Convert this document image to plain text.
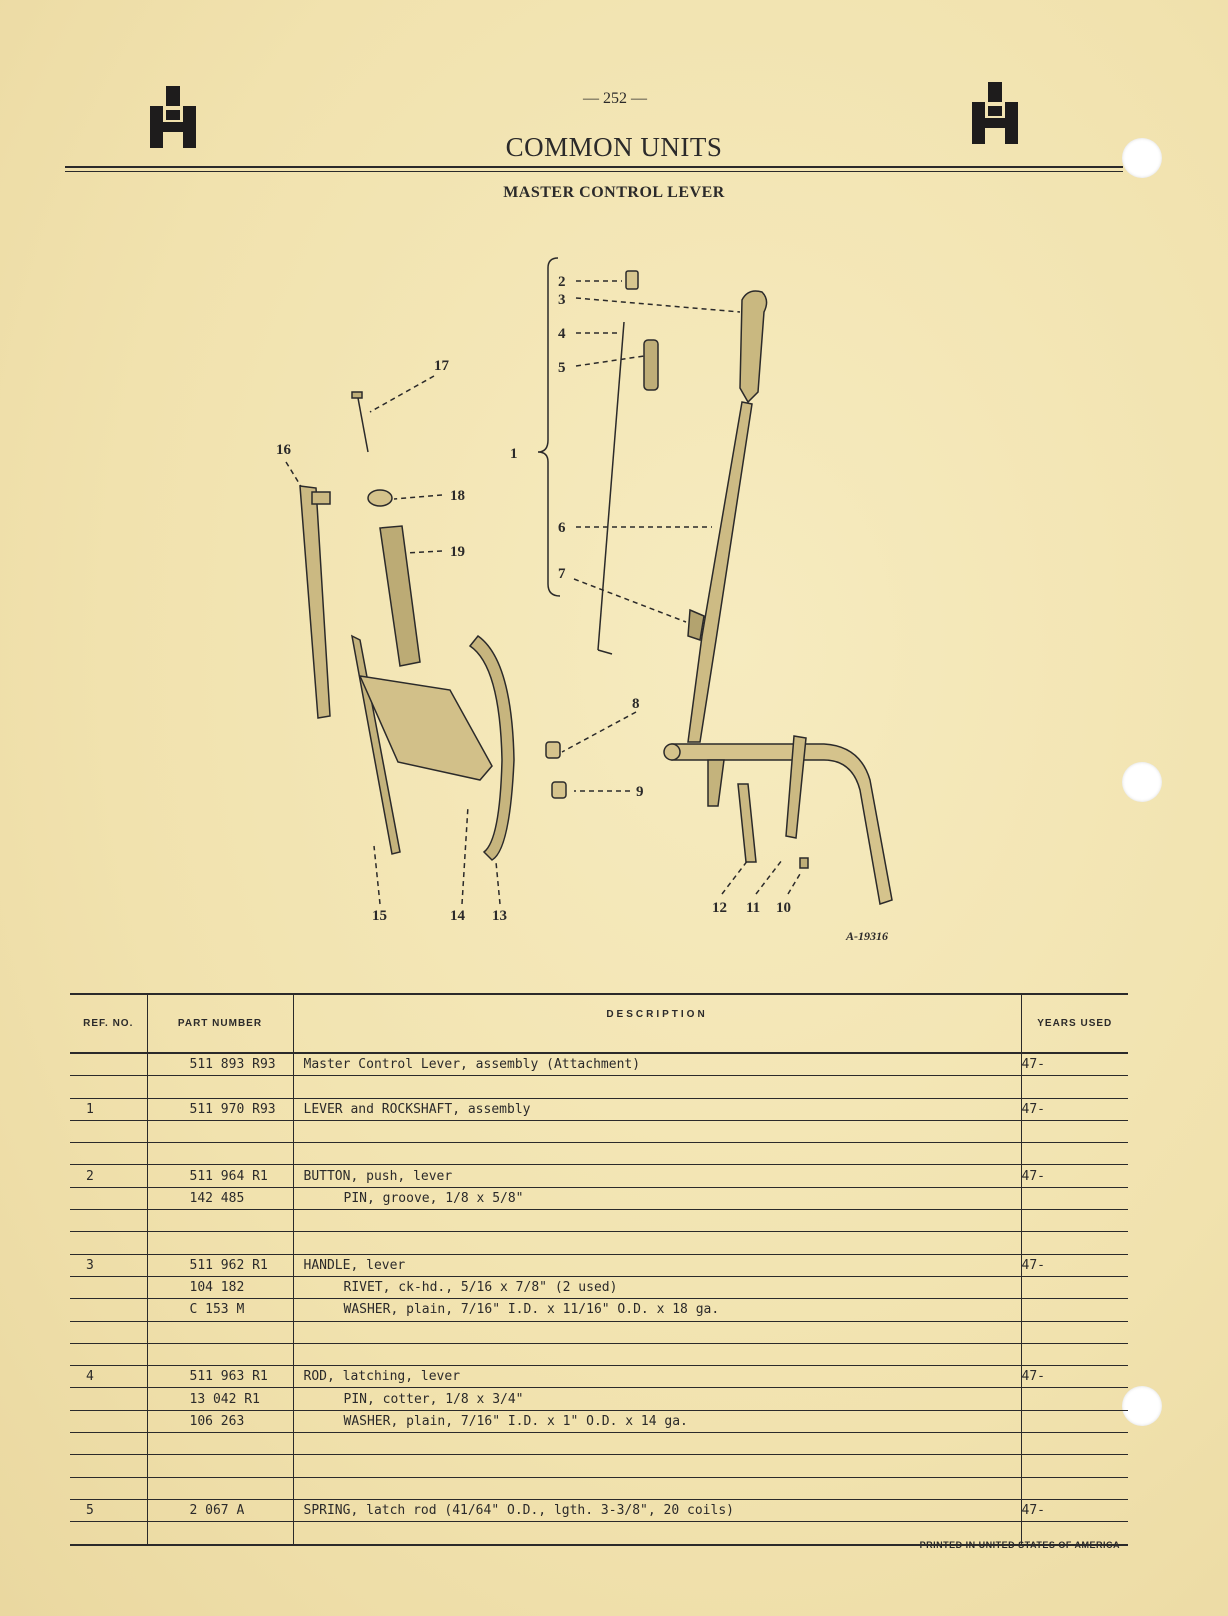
— 252 —
COMMON UNITS
MASTER CONTROL LEVER
2
3
4
5
1
6
7
17
16
18
19
8
9
12 11 10
15	14 13
A-19316
REF. NO.	PART NUMBER	DESCRIPTION	YEARS USED
	511 893 R93	Master Control Lever, assembly (Attachment)	47-

1	511 970 R93	LEVER and ROCKSHAFT, assembly	47-

2	511 964 R1	BUTTON, push, lever	47-
	142 485	PIN, groove, 1/8 x 5/8"	

3	511 962 R1	HANDLE, lever	47-
	104 182	RIVET, ck-hd., 5/16 x 7/8" (2 used)	
	C 153 M	WASHER, plain, 7/16" I.D. x 11/16" O.D. x 18 ga.	

4	511 963 R1	ROD, latching, lever	47-
	13 042 R1	PIN, cotter, 1/8 x 3/4"	
	106 263	WASHER, plain, 7/16" I.D. x 1" O.D. x 14 ga.	

5	2 067 A	SPRING, latch rod (41/64" O.D., lgth. 3-3/8", 20 coils)	47-

PRINTED IN UNITED STATES OF AMERICA
